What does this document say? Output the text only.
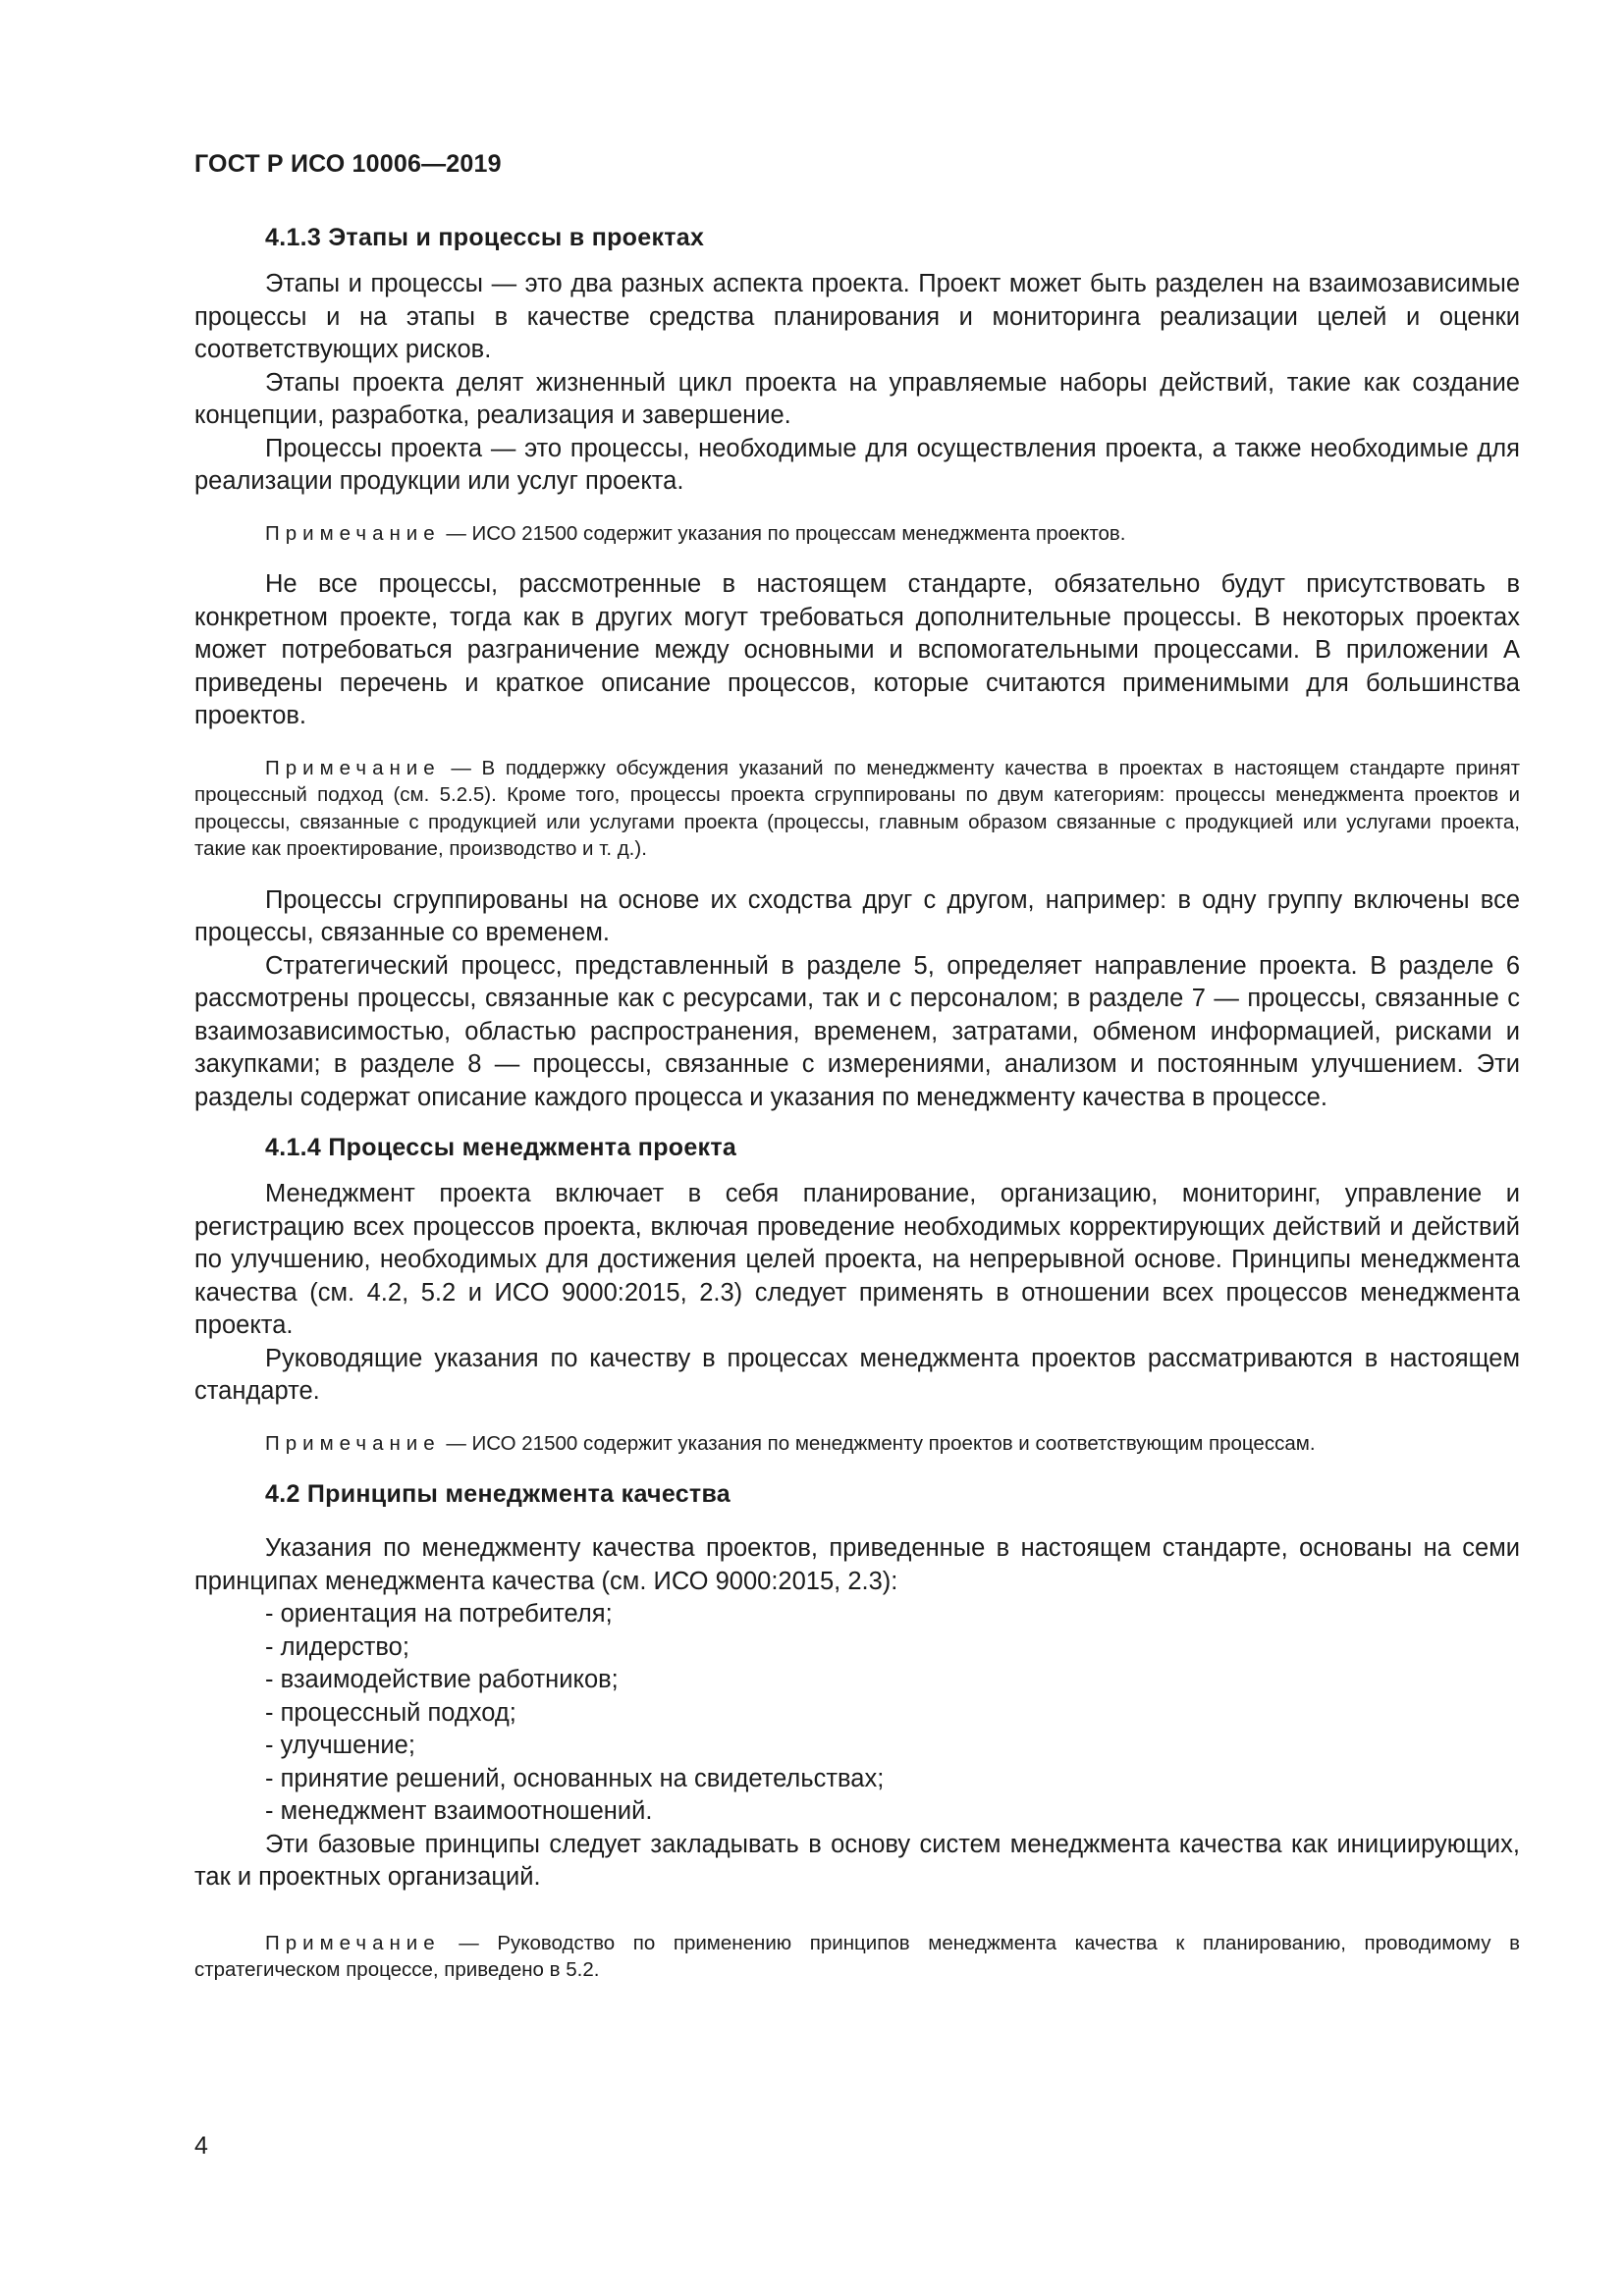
ГОСТ Р ИСО 10006—2019
4.1.3 Этапы и процессы в проектах

Этапы и процессы — это два разных аспекта проекта. Проект может быть разделен на взаимозависимые процессы и на этапы в качестве средства планирования и мониторинга реализации целей и оценки соответствующих рисков.

Этапы проекта делят жизненный цикл проекта на управляемые наборы действий, такие как создание концепции, разработка, реализация и завершение.

Процессы проекта — это процессы, необходимые для осуществления проекта, а также необходимые для реализации продукции или услуг проекта.

Примечание — ИСО 21500 содержит указания по процессам менеджмента проектов.

Не все процессы, рассмотренные в настоящем стандарте, обязательно будут присутствовать в конкретном проекте, тогда как в других могут требоваться дополнительные процессы. В некоторых проектах может потребоваться разграничение между основными и вспомогательными процессами. В приложении А приведены перечень и краткое описание процессов, которые считаются применимыми для большинства проектов.

Примечание — В поддержку обсуждения указаний по менеджменту качества в проектах в настоящем стандарте принят процессный подход (см. 5.2.5). Кроме того, процессы проекта сгруппированы по двум категориям: процессы менеджмента проектов и процессы, связанные с продукцией или услугами проекта (процессы, главным образом связанные с продукцией или услугами проекта, такие как проектирование, производство и т. д.).

Процессы сгруппированы на основе их сходства друг с другом, например: в одну группу включены все процессы, связанные со временем.

Стратегический процесс, представленный в разделе 5, определяет направление проекта. В разделе 6 рассмотрены процессы, связанные как с ресурсами, так и с персоналом; в разделе 7 — процессы, связанные с взаимозависимостью, областью распространения, временем, затратами, обменом информацией, рисками и закупками; в разделе 8 — процессы, связанные с измерениями, анализом и постоянным улучшением. Эти разделы содержат описание каждого процесса и указания по менеджменту качества в процессе.

4.1.4 Процессы менеджмента проекта

Менеджмент проекта включает в себя планирование, организацию, мониторинг, управление и регистрацию всех процессов проекта, включая проведение необходимых корректирующих действий и действий по улучшению, необходимых для достижения целей проекта, на непрерывной основе. Принципы менеджмента качества (см. 4.2, 5.2 и ИСО 9000:2015, 2.3) следует применять в отношении всех процессов менеджмента проекта.

Руководящие указания по качеству в процессах менеджмента проектов рассматриваются в настоящем стандарте.

Примечание — ИСО 21500 содержит указания по менеджменту проектов и соответствующим процессам.

4.2 Принципы менеджмента качества

Указания по менеджменту качества проектов, приведенные в настоящем стандарте, основаны на семи принципах менеджмента качества (см. ИСО 9000:2015, 2.3):

- ориентация на потребителя;
- лидерство;
- взаимодействие работников;
- процессный подход;
- улучшение;
- принятие решений, основанных на свидетельствах;
- менеджмент взаимоотношений.

Эти базовые принципы следует закладывать в основу систем менеджмента качества как инициирующих, так и проектных организаций.

Примечание — Руководство по применению принципов менеджмента качества к планированию, проводимому в стратегическом процессе, приведено в 5.2.

4
